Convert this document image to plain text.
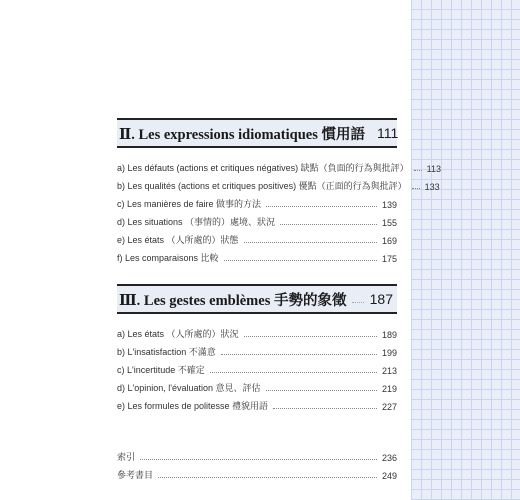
Ⅱ. Les expressions idiomatiques 慣用語 111
a) Les défauts (actions et critiques négatives) 缺點（負面的行為與批評） 113
b) Les qualités (actions et critiques positives) 優點（正面的行為與批評） 133
c) Les manières de faire 做事的方法	139
d) Les situations （事情的）處境、狀況	155
e) Les états （人所處的）狀態	169
f) Les comparaisons 比較	175
Ⅲ. Les gestes emblèmes 手勢的象徵 187
a) Les états （人所處的）狀況	189
b) L'insatisfaction 不滿意	199
c) L'incertitude 不確定	213
d) L'opinion, l'évaluation 意見、評估	219
e) Les formules de politesse 禮貌用語	227
索引	236
參考書目	249
